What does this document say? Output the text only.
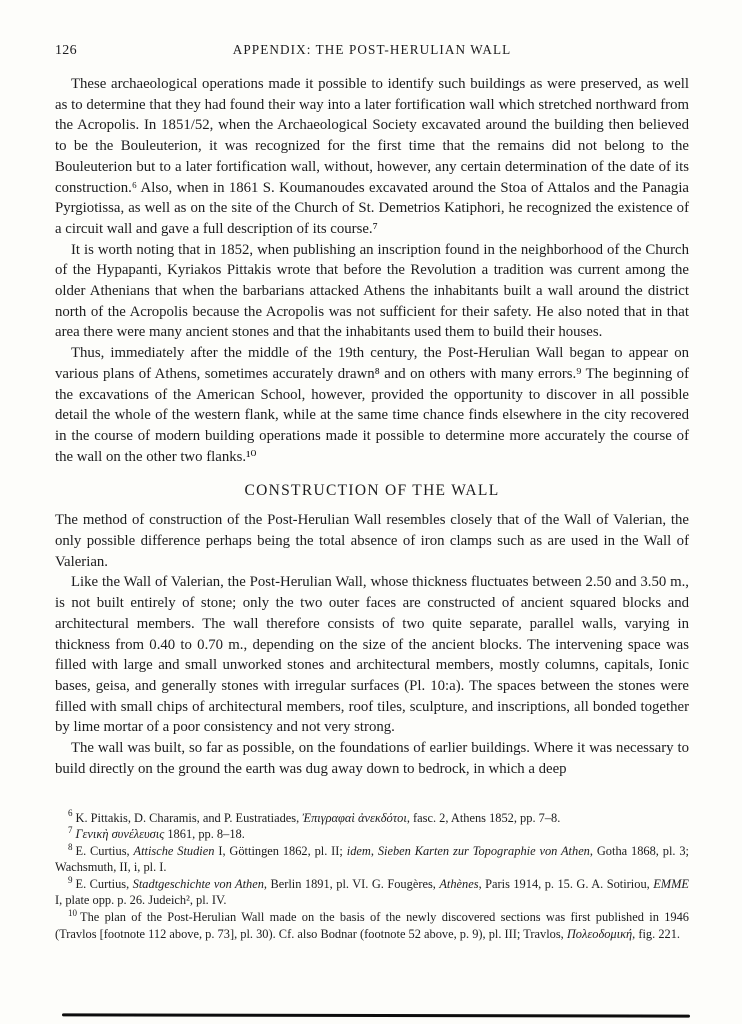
126	APPENDIX: THE POST-HERULIAN WALL

These archaeological operations made it possible to identify such buildings as were preserved, as well as to determine that they had found their way into a later fortification wall which stretched northward from the Acropolis. In 1851/52, when the Archaeological Society excavated around the building then believed to be the Bouleuterion, it was recognized for the first time that the remains did not belong to the Bouleuterion but to a later fortification wall, without, however, any certain determination of the date of its construction.⁶ Also, when in 1861 S. Koumanoudes excavated around the Stoa of Attalos and the Panagia Pyrgiotissa, as well as on the site of the Church of St. Demetrios Katiphori, he recognized the existence of a circuit wall and gave a full description of its course.⁷

It is worth noting that in 1852, when publishing an inscription found in the neighborhood of the Church of the Hypapanti, Kyriakos Pittakis wrote that before the Revolution a tradition was current among the older Athenians that when the barbarians attacked Athens the inhabitants built a wall around the district north of the Acropolis because the Acropolis was not sufficient for their safety. He also noted that in that area there were many ancient stones and that the inhabitants used them to build their houses.

Thus, immediately after the middle of the 19th century, the Post-Herulian Wall began to appear on various plans of Athens, sometimes accurately drawn⁸ and on others with many errors.⁹ The beginning of the excavations of the American School, however, provided the opportunity to discover in all possible detail the whole of the western flank, while at the same time chance finds elsewhere in the city recovered in the course of modern building operations made it possible to determine more accurately the course of the wall on the other two flanks.¹⁰

CONSTRUCTION OF THE WALL

The method of construction of the Post-Herulian Wall resembles closely that of the Wall of Valerian, the only possible difference perhaps being the total absence of iron clamps such as are used in the Wall of Valerian.

Like the Wall of Valerian, the Post-Herulian Wall, whose thickness fluctuates between 2.50 and 3.50 m., is not built entirely of stone; only the two outer faces are constructed of ancient squared blocks and architectural members. The wall therefore consists of two quite separate, parallel walls, varying in thickness from 0.40 to 0.70 m., depending on the size of the ancient blocks. The intervening space was filled with large and small unworked stones and architectural members, mostly columns, capitals, Ionic bases, geisa, and generally stones with irregular surfaces (Pl. 10:a). The spaces between the stones were filled with small chips of architectural members, roof tiles, sculpture, and inscriptions, all bonded together by lime mortar of a poor consistency and not very strong.

The wall was built, so far as possible, on the foundations of earlier buildings. Where it was necessary to build directly on the ground the earth was dug away down to bedrock, in which a deep

$^6$ K. Pittakis, D. Charamis, and P. Eustratiades, Ἐπιγραφαὶ ἀνεκδότοι, fasc. 2, Athens 1852, pp. 7–8.

$^7$ Γενικὴ συνέλευσις 1861, pp. 8–18.

$^8$ E. Curtius, Attische Studien I, Göttingen 1862, pl. II; idem, Sieben Karten zur Topographie von Athen, Gotha 1868, pl. 3; Wachsmuth, II, i, pl. I.

$^9$ E. Curtius, Stadtgeschichte von Athen, Berlin 1891, pl. VI. G. Fougères, Athènes, Paris 1914, p. 15. G. A. Sotiriou, EMME I, plate opp. p. 26. Judeich², pl. IV.

$^{10}$ The plan of the Post-Herulian Wall made on the basis of the newly discovered sections was first published in 1946 (Travlos [footnote 112 above, p. 73], pl. 30). Cf. also Bodnar (footnote 52 above, p. 9), pl. III; Travlos, Πολεοδομική, fig. 221.
